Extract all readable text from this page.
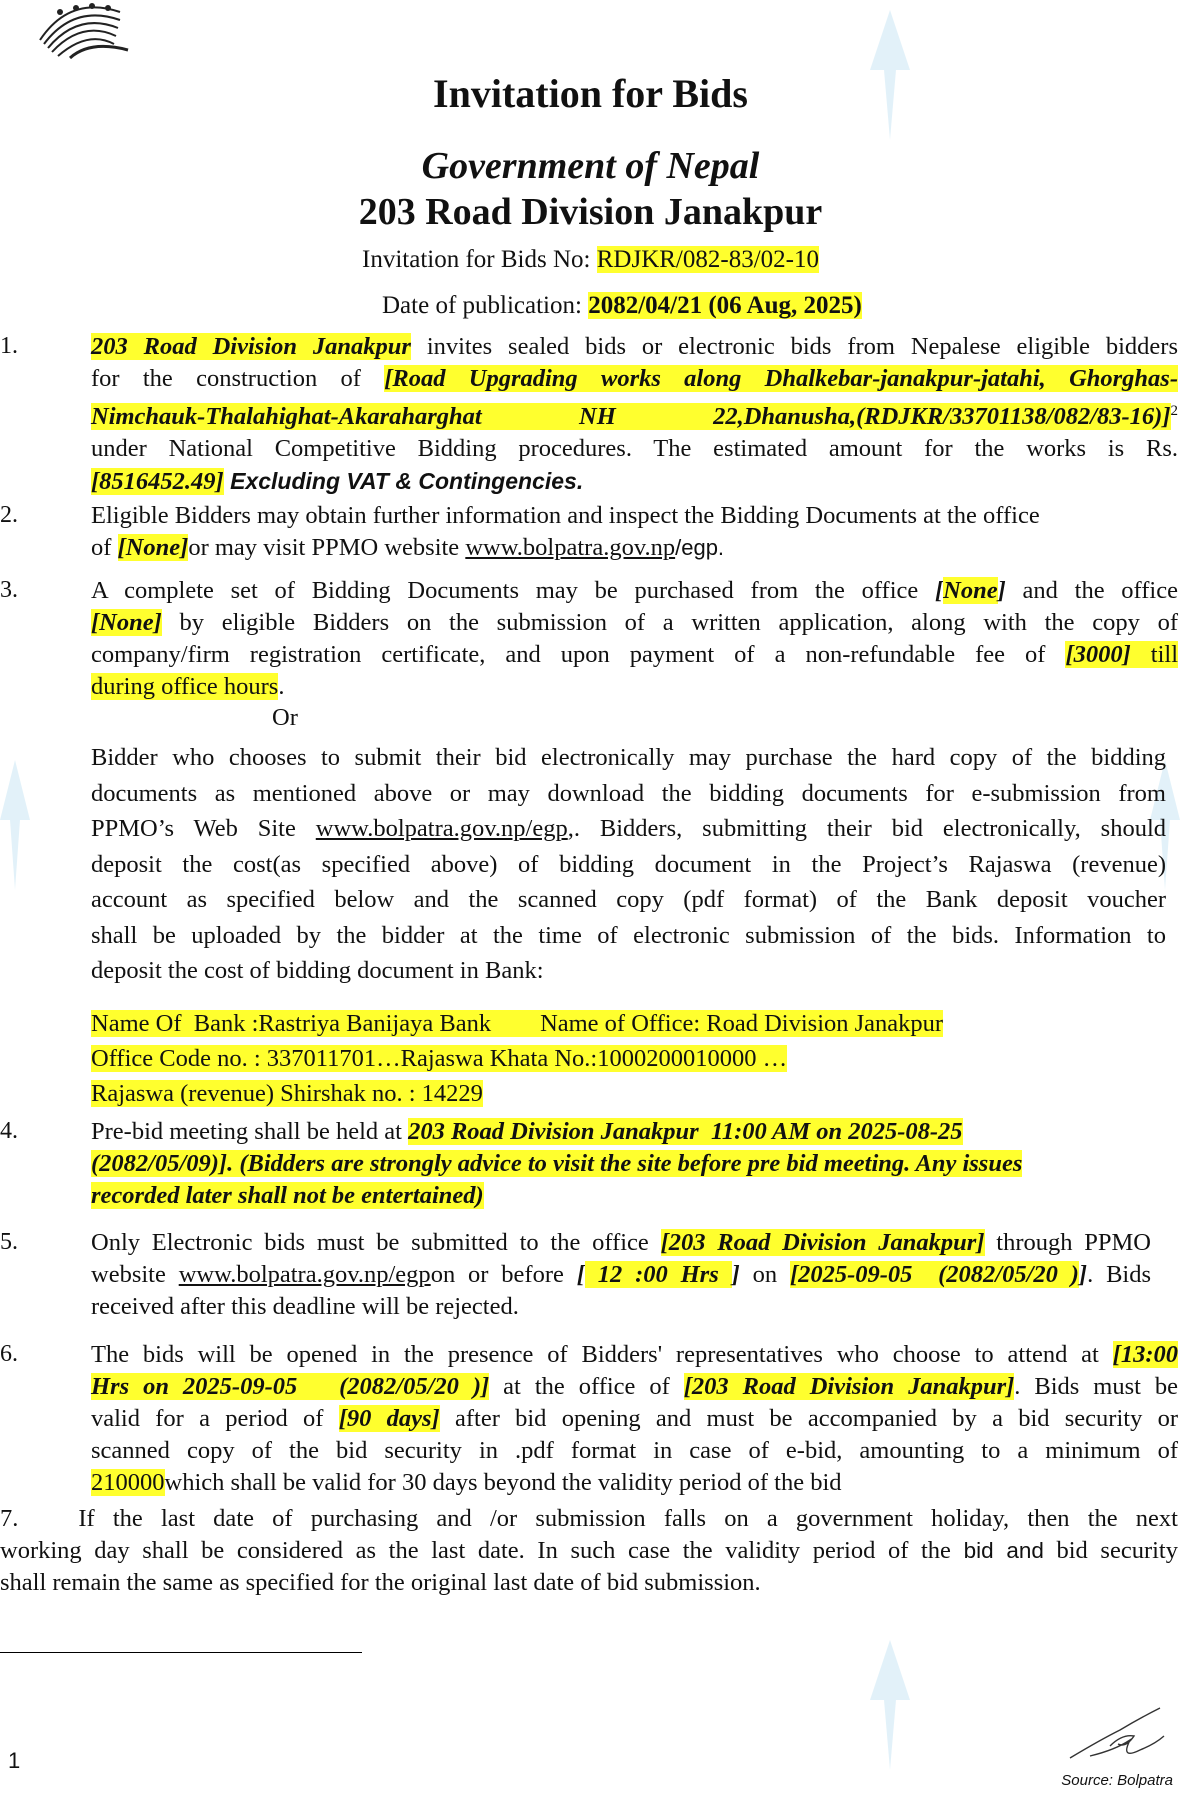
Invitation for Bids
Government of Nepal
203 Road Division Janakpur
Invitation for Bids No: RDJKR/082-83/02-10
Date of publication: 2082/04/21 (06 Aug, 2025)
1.	203 Road Division Janakpur invites sealed bids or electronic bids from Nepalese eligible bidders
for the construction of [Road Upgrading works along Dhalkebar-janakpur-jatahi, Ghorghas-
Nimchauk-Thalahighat-Akaraharghat NH 22,Dhanusha,(RDJKR/33701138/082/83-16)]$^2$
under National Competitive Bidding procedures. The estimated amount for the works is Rs.
[8516452.49] Excluding VAT & Contingencies.
2.	Eligible Bidders may obtain further information and inspect the Bidding Documents at the office
of [None]or may visit PPMO website www.bolpatra.gov.np/egp.
3.	A complete set of Bidding Documents may be purchased from the office [None] and the office
[None] by eligible Bidders on the submission of a written application, along with the copy of
company/firm registration certificate, and upon payment of a non-refundable fee of [3000] till
during office hours.
Or
Bidder who chooses to submit their bid electronically may purchase the hard copy of the bidding
documents as mentioned above or may download the bidding documents for e-submission from
PPMO’s Web Site www.bolpatra.gov.np/egp,. Bidders, submitting their bid electronically, should
deposit the cost(as specified above) of bidding document in the Project’s Rajaswa (revenue)
account as specified below and the scanned copy (pdf format) of the Bank deposit voucher
shall be uploaded by the bidder at the time of electronic submission of the bids. Information to
deposit the cost of bidding document in Bank:
Name Of  Bank :Rastriya Banijaya Bank        Name of Office: Road Division Janakpur
Office Code no. : 337011701…Rajaswa Khata No.:1000200010000 …
Rajaswa (revenue) Shirshak no. : 14229
4.	Pre-bid meeting shall be held at 203 Road Division Janakpur  11:00 AM on 2025-08-25
(2082/05/09)]. (Bidders are strongly advice to visit the site before pre bid meeting. Any issues
recorded later shall not be entertained)
5.	Only Electronic bids must be submitted to the office [203 Road Division Janakpur] through PPMO
website www.bolpatra.gov.np/egpon or before [ 12 :00 Hrs ] on [2025-09-05  (2082/05/20 )]. Bids
received after this deadline will be rejected.
6.	The bids will be opened in the presence of Bidders' representatives who choose to attend at [13:00
Hrs on 2025-09-05   (2082/05/20 )] at the office of [203 Road Division Janakpur]. Bids must be
valid for a period of [90 days] after bid opening and must be accompanied by a bid security or
scanned copy of the bid security in .pdf format in case of e-bid, amounting to a minimum of
210000which shall be valid for 30 days beyond the validity period of the bid
7. If the last date of purchasing and /or submission falls on a government holiday, then the next
working day shall be considered as the last date. In such case the validity period of the bid and bid security
shall remain the same as specified for the original last date of bid submission.
1
Source: Bolpatra
